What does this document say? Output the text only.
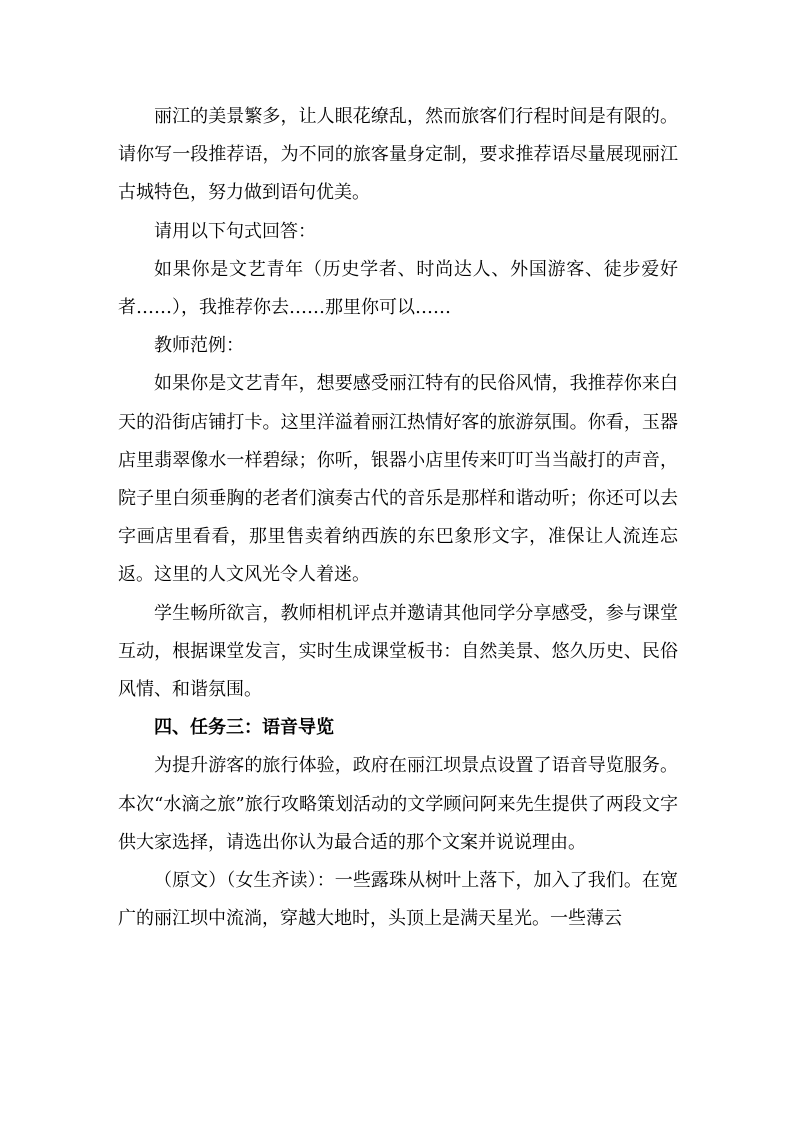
丽江的美景繁多，让人眼花缭乱，然而旅客们行程时间是有限的。请你写一段推荐语，为不同的旅客量身定制，要求推荐语尽量展现丽江古城特色，努力做到语句优美。

请用以下句式回答：

如果你是文艺青年（历史学者、时尚达人、外国游客、徒步爱好者……），我推荐你去……那里你可以……

教师范例：

如果你是文艺青年，想要感受丽江特有的民俗风情，我推荐你来白天的沿街店铺打卡。这里洋溢着丽江热情好客的旅游氛围。你看，玉器店里翡翠像水一样碧绿；你听，银器小店里传来叮叮当当敲打的声音，院子里白须垂胸的老者们演奏古代的音乐是那样和谐动听；你还可以去字画店里看看，那里售卖着纳西族的东巴象形文字，准保让人流连忘返。这里的人文风光令人着迷。

学生畅所欲言，教师相机评点并邀请其他同学分享感受，参与课堂互动，根据课堂发言，实时生成课堂板书：自然美景、悠久历史、民俗风情、和谐氛围。

四、任务三：语音导览

为提升游客的旅行体验，政府在丽江坝景点设置了语音导览服务。本次“水滴之旅”旅行攻略策划活动的文学顾问阿来先生提供了两段文字供大家选择，请选出你认为最合适的那个文案并说说理由。

（原文）（女生齐读）：一些露珠从树叶上落下，加入了我们。在宽广的丽江坝中流淌，穿越大地时，头顶上是满天星光。一些薄云
